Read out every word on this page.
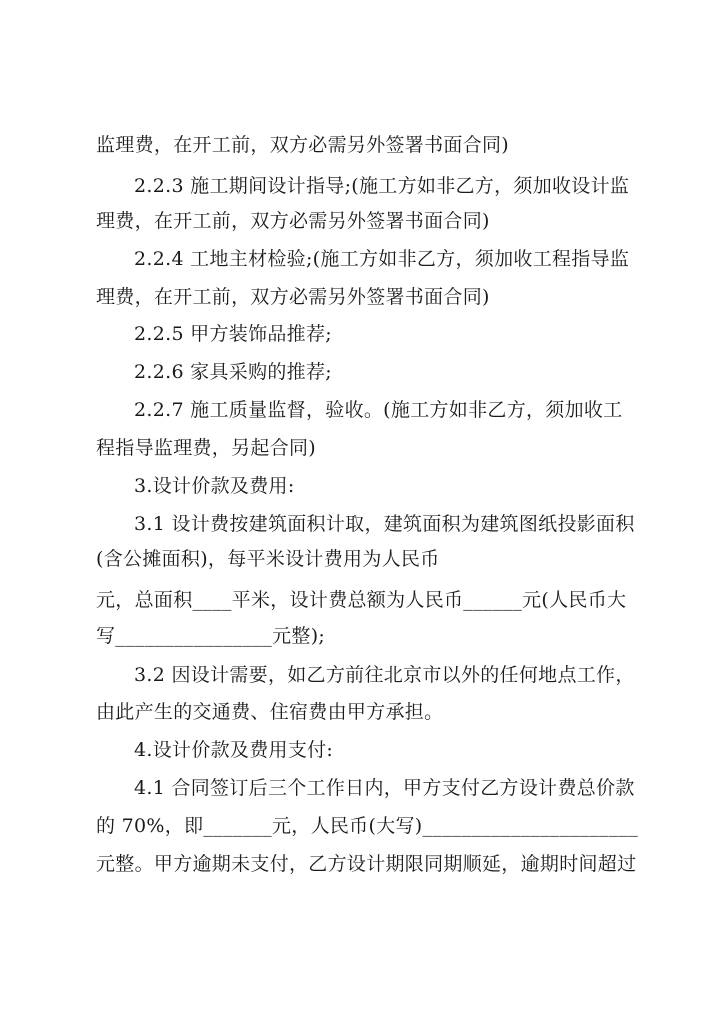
监理费，在开工前，双方必需另外签署书面合同)
2.2.3 施工期间设计指导;(施工方如非乙方，须加收设计监
理费，在开工前，双方必需另外签署书面合同)
2.2.4 工地主材检验;(施工方如非乙方，须加收工程指导监
理费，在开工前，双方必需另外签署书面合同)
2.2.5 甲方装饰品推荐;
2.2.6 家具采购的推荐;
2.2.7 施工质量监督，验收。(施工方如非乙方，须加收工
程指导监理费，另起合同)
3.设计价款及费用:
3.1 设计费按建筑面积计取，建筑面积为建筑图纸投影面积
(含公摊面积)，每平米设计费用为人民币
元，总面积____平米，设计费总额为人民币______元(人民币大
写________________元整);
3.2 因设计需要，如乙方前往北京市以外的任何地点工作，
由此产生的交通费、住宿费由甲方承担。
4.设计价款及费用支付:
4.1 合同签订后三个工作日内，甲方支付乙方设计费总价款
的 70%，即_______元，人民币(大写)______________________
元整。甲方逾期未支付，乙方设计期限同期顺延，逾期时间超过
